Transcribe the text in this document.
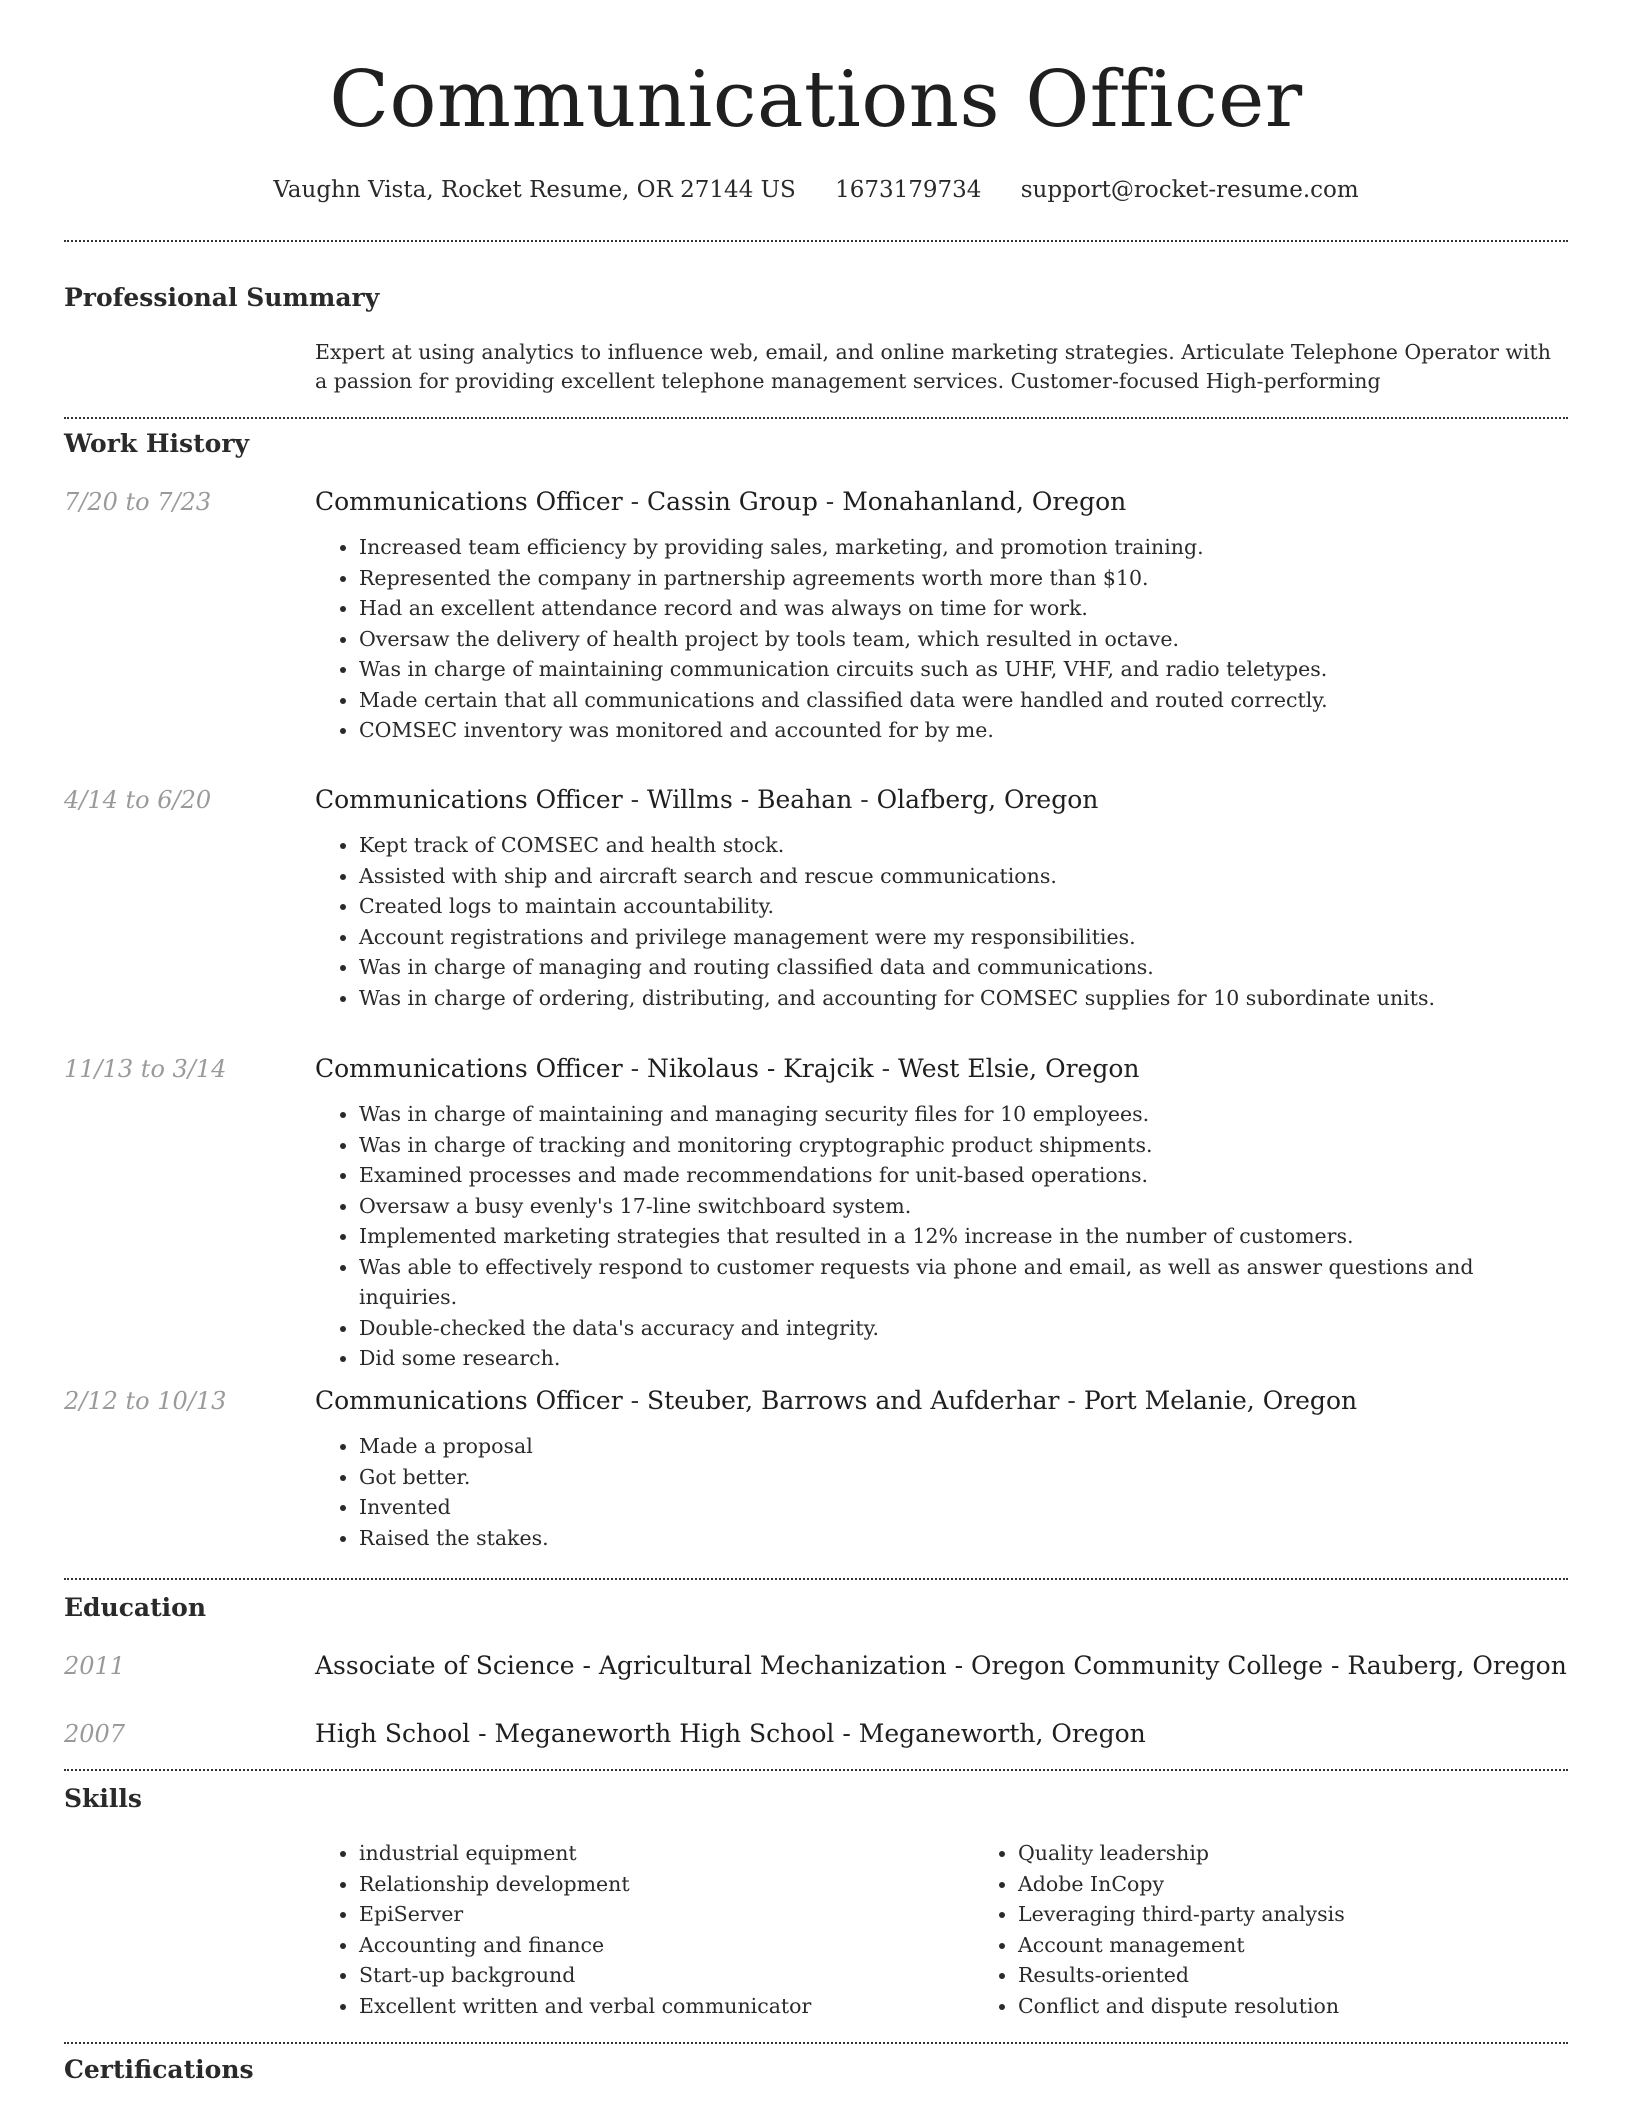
Communications Officer
Vaughn Vista, Rocket Resume, OR 27144 US 1673179734 support@rocket-resume.com
Professional Summary
Expert at using analytics to influence web, email, and online marketing strategies. Articulate Telephone Operator with a passion for providing excellent telephone management services. Customer-focused High-performing
Work History
7/20 to 7/23	Communications Officer - Cassin Group - Monahanland, Oregon
• Increased team efficiency by providing sales, marketing, and promotion training.
• Represented the company in partnership agreements worth more than $10.
• Had an excellent attendance record and was always on time for work.
• Oversaw the delivery of health project by tools team, which resulted in octave.
• Was in charge of maintaining communication circuits such as UHF, VHF, and radio teletypes.
• Made certain that all communications and classified data were handled and routed correctly.
• COMSEC inventory was monitored and accounted for by me.
4/14 to 6/20	Communications Officer - Willms - Beahan - Olafberg, Oregon
• Kept track of COMSEC and health stock.
• Assisted with ship and aircraft search and rescue communications.
• Created logs to maintain accountability.
• Account registrations and privilege management were my responsibilities.
• Was in charge of managing and routing classified data and communications.
• Was in charge of ordering, distributing, and accounting for COMSEC supplies for 10 subordinate units.
11/13 to 3/14	Communications Officer - Nikolaus - Krajcik - West Elsie, Oregon
• Was in charge of maintaining and managing security files for 10 employees.
• Was in charge of tracking and monitoring cryptographic product shipments.
• Examined processes and made recommendations for unit-based operations.
• Oversaw a busy evenly's 17-line switchboard system.
• Implemented marketing strategies that resulted in a 12% increase in the number of customers.
• Was able to effectively respond to customer requests via phone and email, as well as answer questions and inquiries.
• Double-checked the data's accuracy and integrity.
• Did some research.
2/12 to 10/13	Communications Officer - Steuber, Barrows and Aufderhar - Port Melanie, Oregon
• Made a proposal
• Got better.
• Invented
• Raised the stakes.
Education
2011	Associate of Science - Agricultural Mechanization - Oregon Community College - Rauberg, Oregon
2007	High School - Meganeworth High School - Meganeworth, Oregon
Skills
• industrial equipment
• Relationship development
• EpiServer
• Accounting and finance
• Start-up background
• Excellent written and verbal communicator
• Quality leadership
• Adobe InCopy
• Leveraging third-party analysis
• Account management
• Results-oriented
• Conflict and dispute resolution
Certifications
